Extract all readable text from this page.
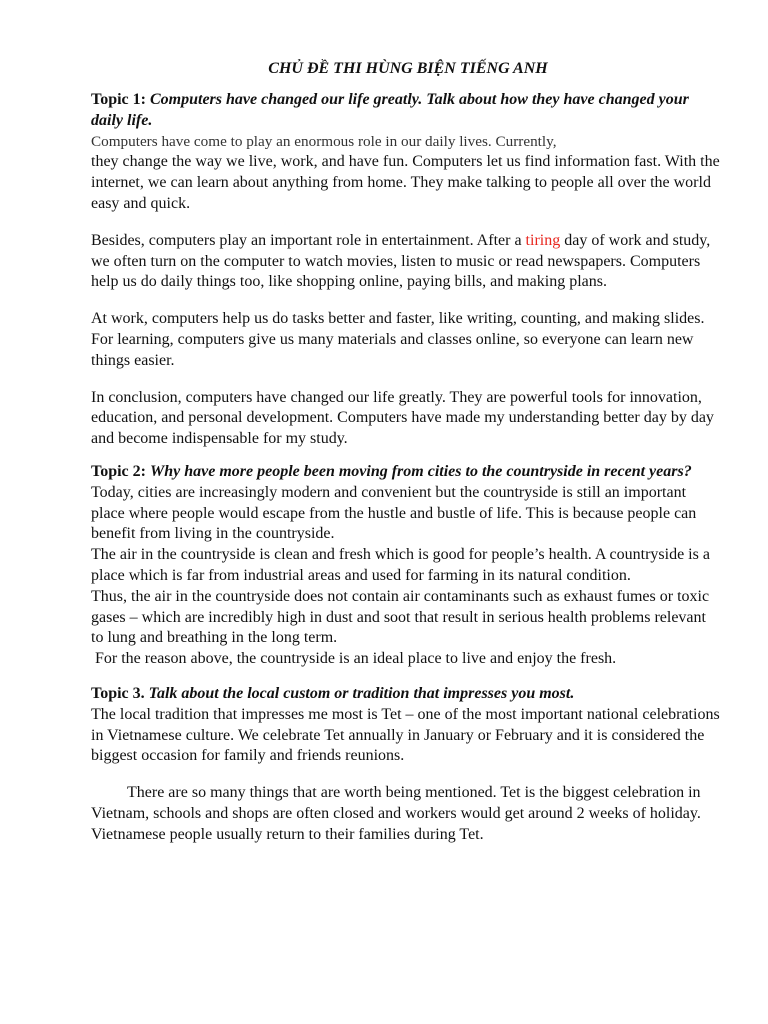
CHỦ ĐỀ THI HÙNG BIỆN TIẾNG ANH
Topic 1: Computers have changed our life greatly. Talk about how they have changed your daily life.

Computers have come to play an enormous role in our daily lives. Currently,

they change the way we live, work, and have fun. Computers let us find information fast. With the internet, we can learn about anything from home. They make talking to people all over the world easy and quick.

Besides, computers play an important role in entertainment. After a tiring day of work and study, we often turn on the computer to watch movies, listen to music or read newspapers. Computers help us do daily things too, like shopping online, paying bills, and making plans.

At work, computers help us do tasks better and faster, like writing, counting, and making slides. For learning, computers give us many materials and classes online, so everyone can learn new things easier.

In conclusion, computers have changed our life greatly. They are powerful tools for innovation, education, and personal development. Computers have made my understanding better day by day and become indispensable for my study.

Topic 2: Why have more people been moving from cities to the countryside in recent years?

Today, cities are increasingly modern and convenient but the countryside is still an important place where people would escape from the hustle and bustle of life. This is because people can benefit from living in the countryside.

The air in the countryside is clean and fresh which is good for people’s health. A countryside is a place which is far from industrial areas and used for farming in its natural condition.

Thus, the air in the countryside does not contain air contaminants such as exhaust fumes or toxic gases – which are incredibly high in dust and soot that result in serious health problems relevant to lung and breathing in the long term.

For the reason above, the countryside is an ideal place to live and enjoy the fresh.

Topic 3. Talk about the local custom or tradition that impresses you most.

The local tradition that impresses me most is Tet – one of the most important national celebrations in Vietnamese culture. We celebrate Tet annually in January or February and it is considered the biggest occasion for family and friends reunions.

There are so many things that are worth being mentioned. Tet is the biggest celebration in Vietnam, schools and shops are often closed and workers would get around 2 weeks of holiday. Vietnamese people usually return to their families during Tet.
